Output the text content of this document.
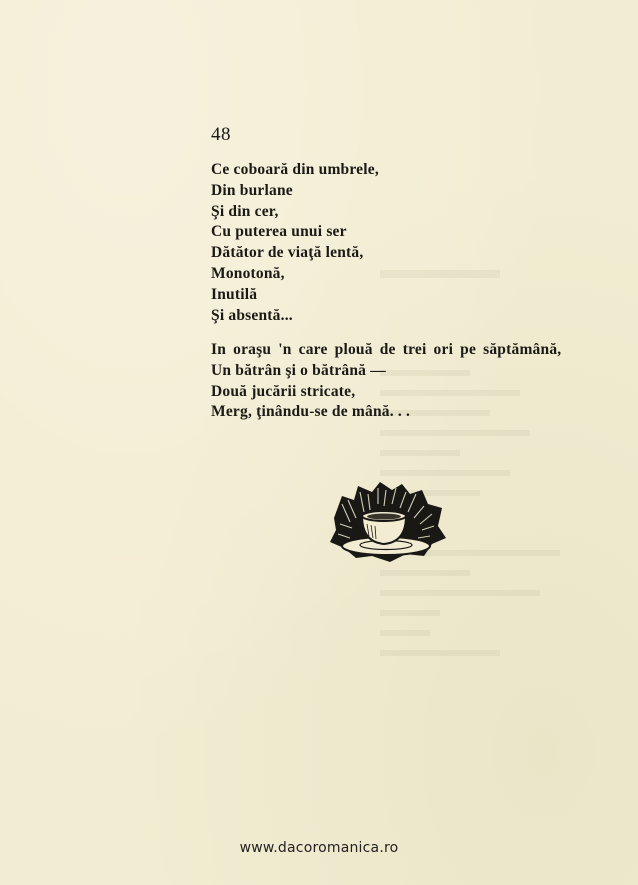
48
Ce coboară din umbrele,
Din burlane
Şi din cer,
Cu puterea unui ser
Dătător de viaţă lentă,
Monotonă,
Inutilă
Şi absentă...
In oraşu 'n care plouă de trei ori pe săptămână,
Un bătrân şi o bătrână —
Două jucării stricate,
Merg, ţinându-se de mână. . .
www.dacoromanica.ro
